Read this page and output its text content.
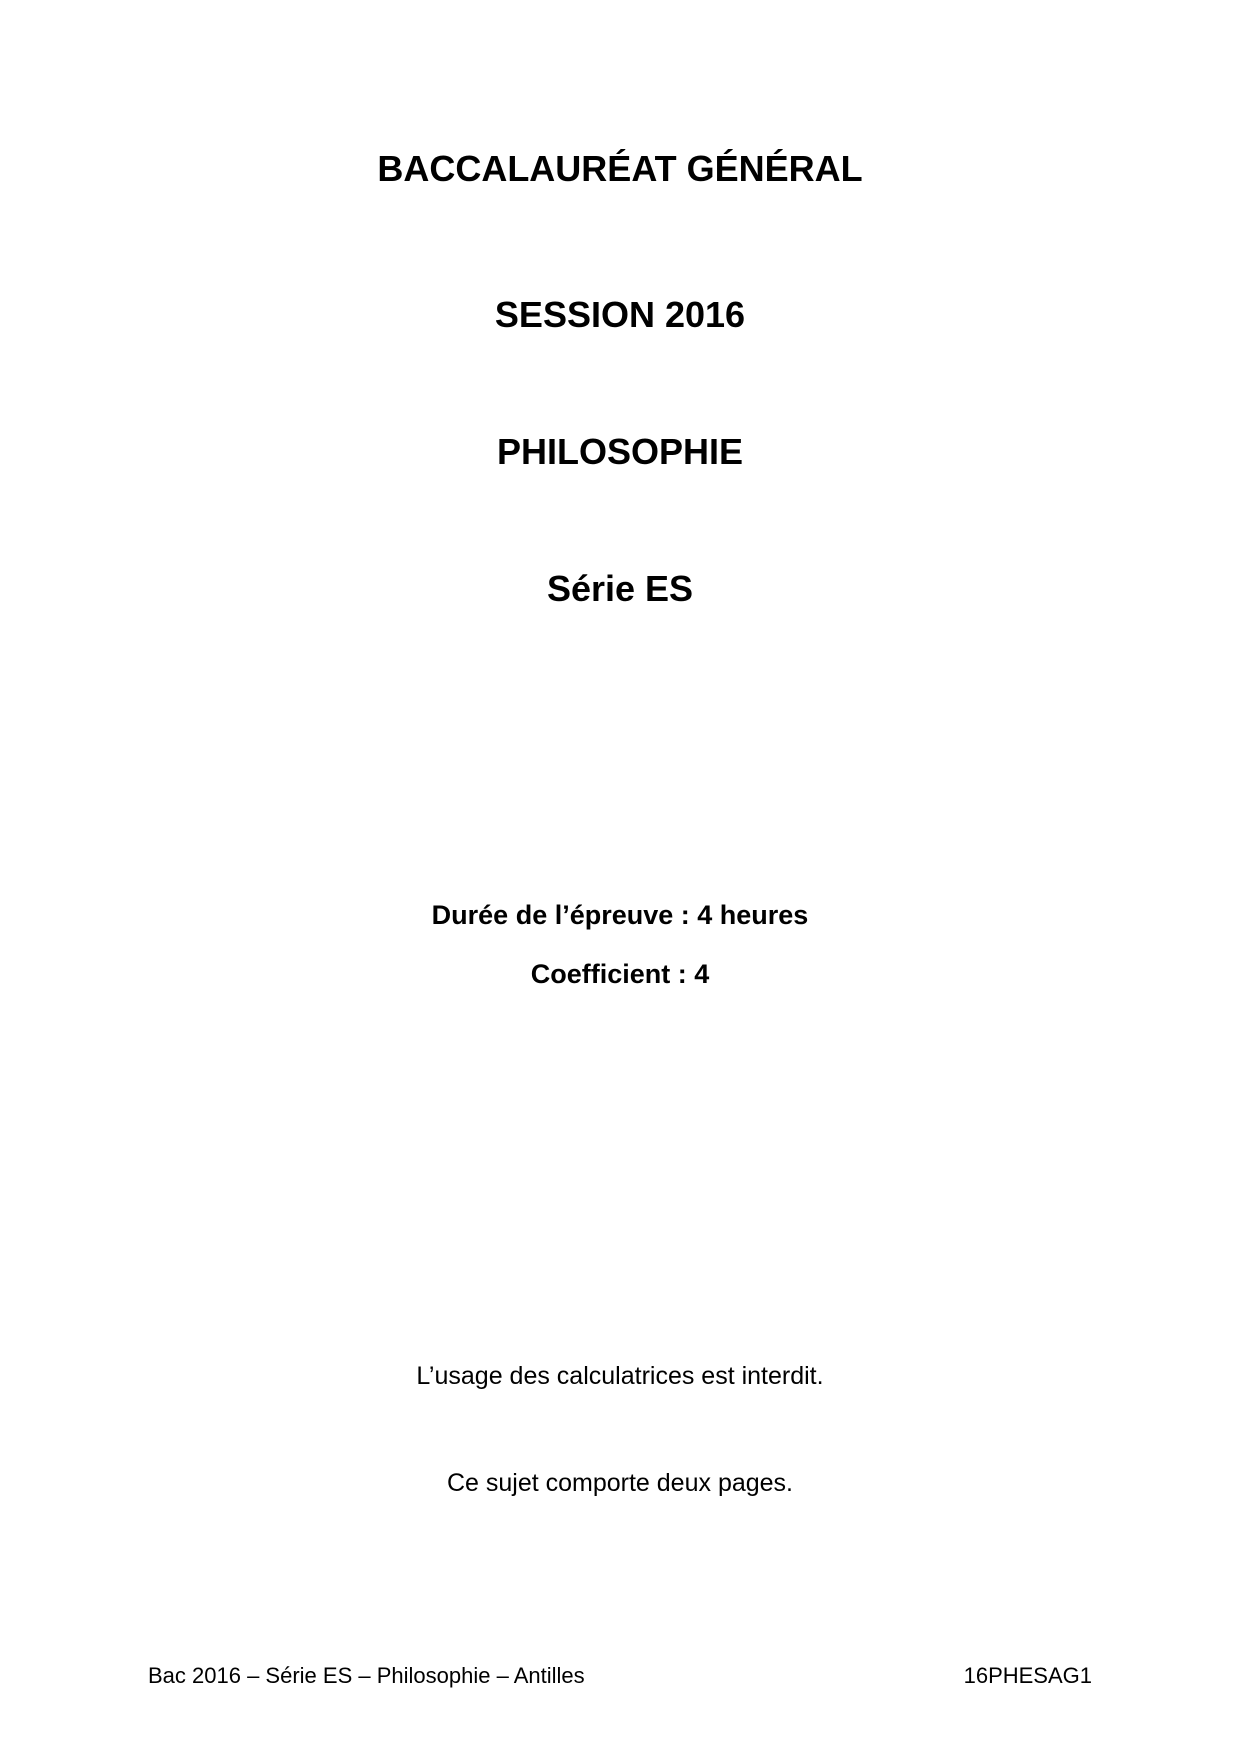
BACCALAURÉAT GÉNÉRAL
SESSION 2016
PHILOSOPHIE
Série ES
Durée de l’épreuve : 4 heures
Coefficient : 4
L’usage des calculatrices est interdit.
Ce sujet comporte deux pages.
Bac 2016 – Série ES – Philosophie – Antilles	16PHESAG1
